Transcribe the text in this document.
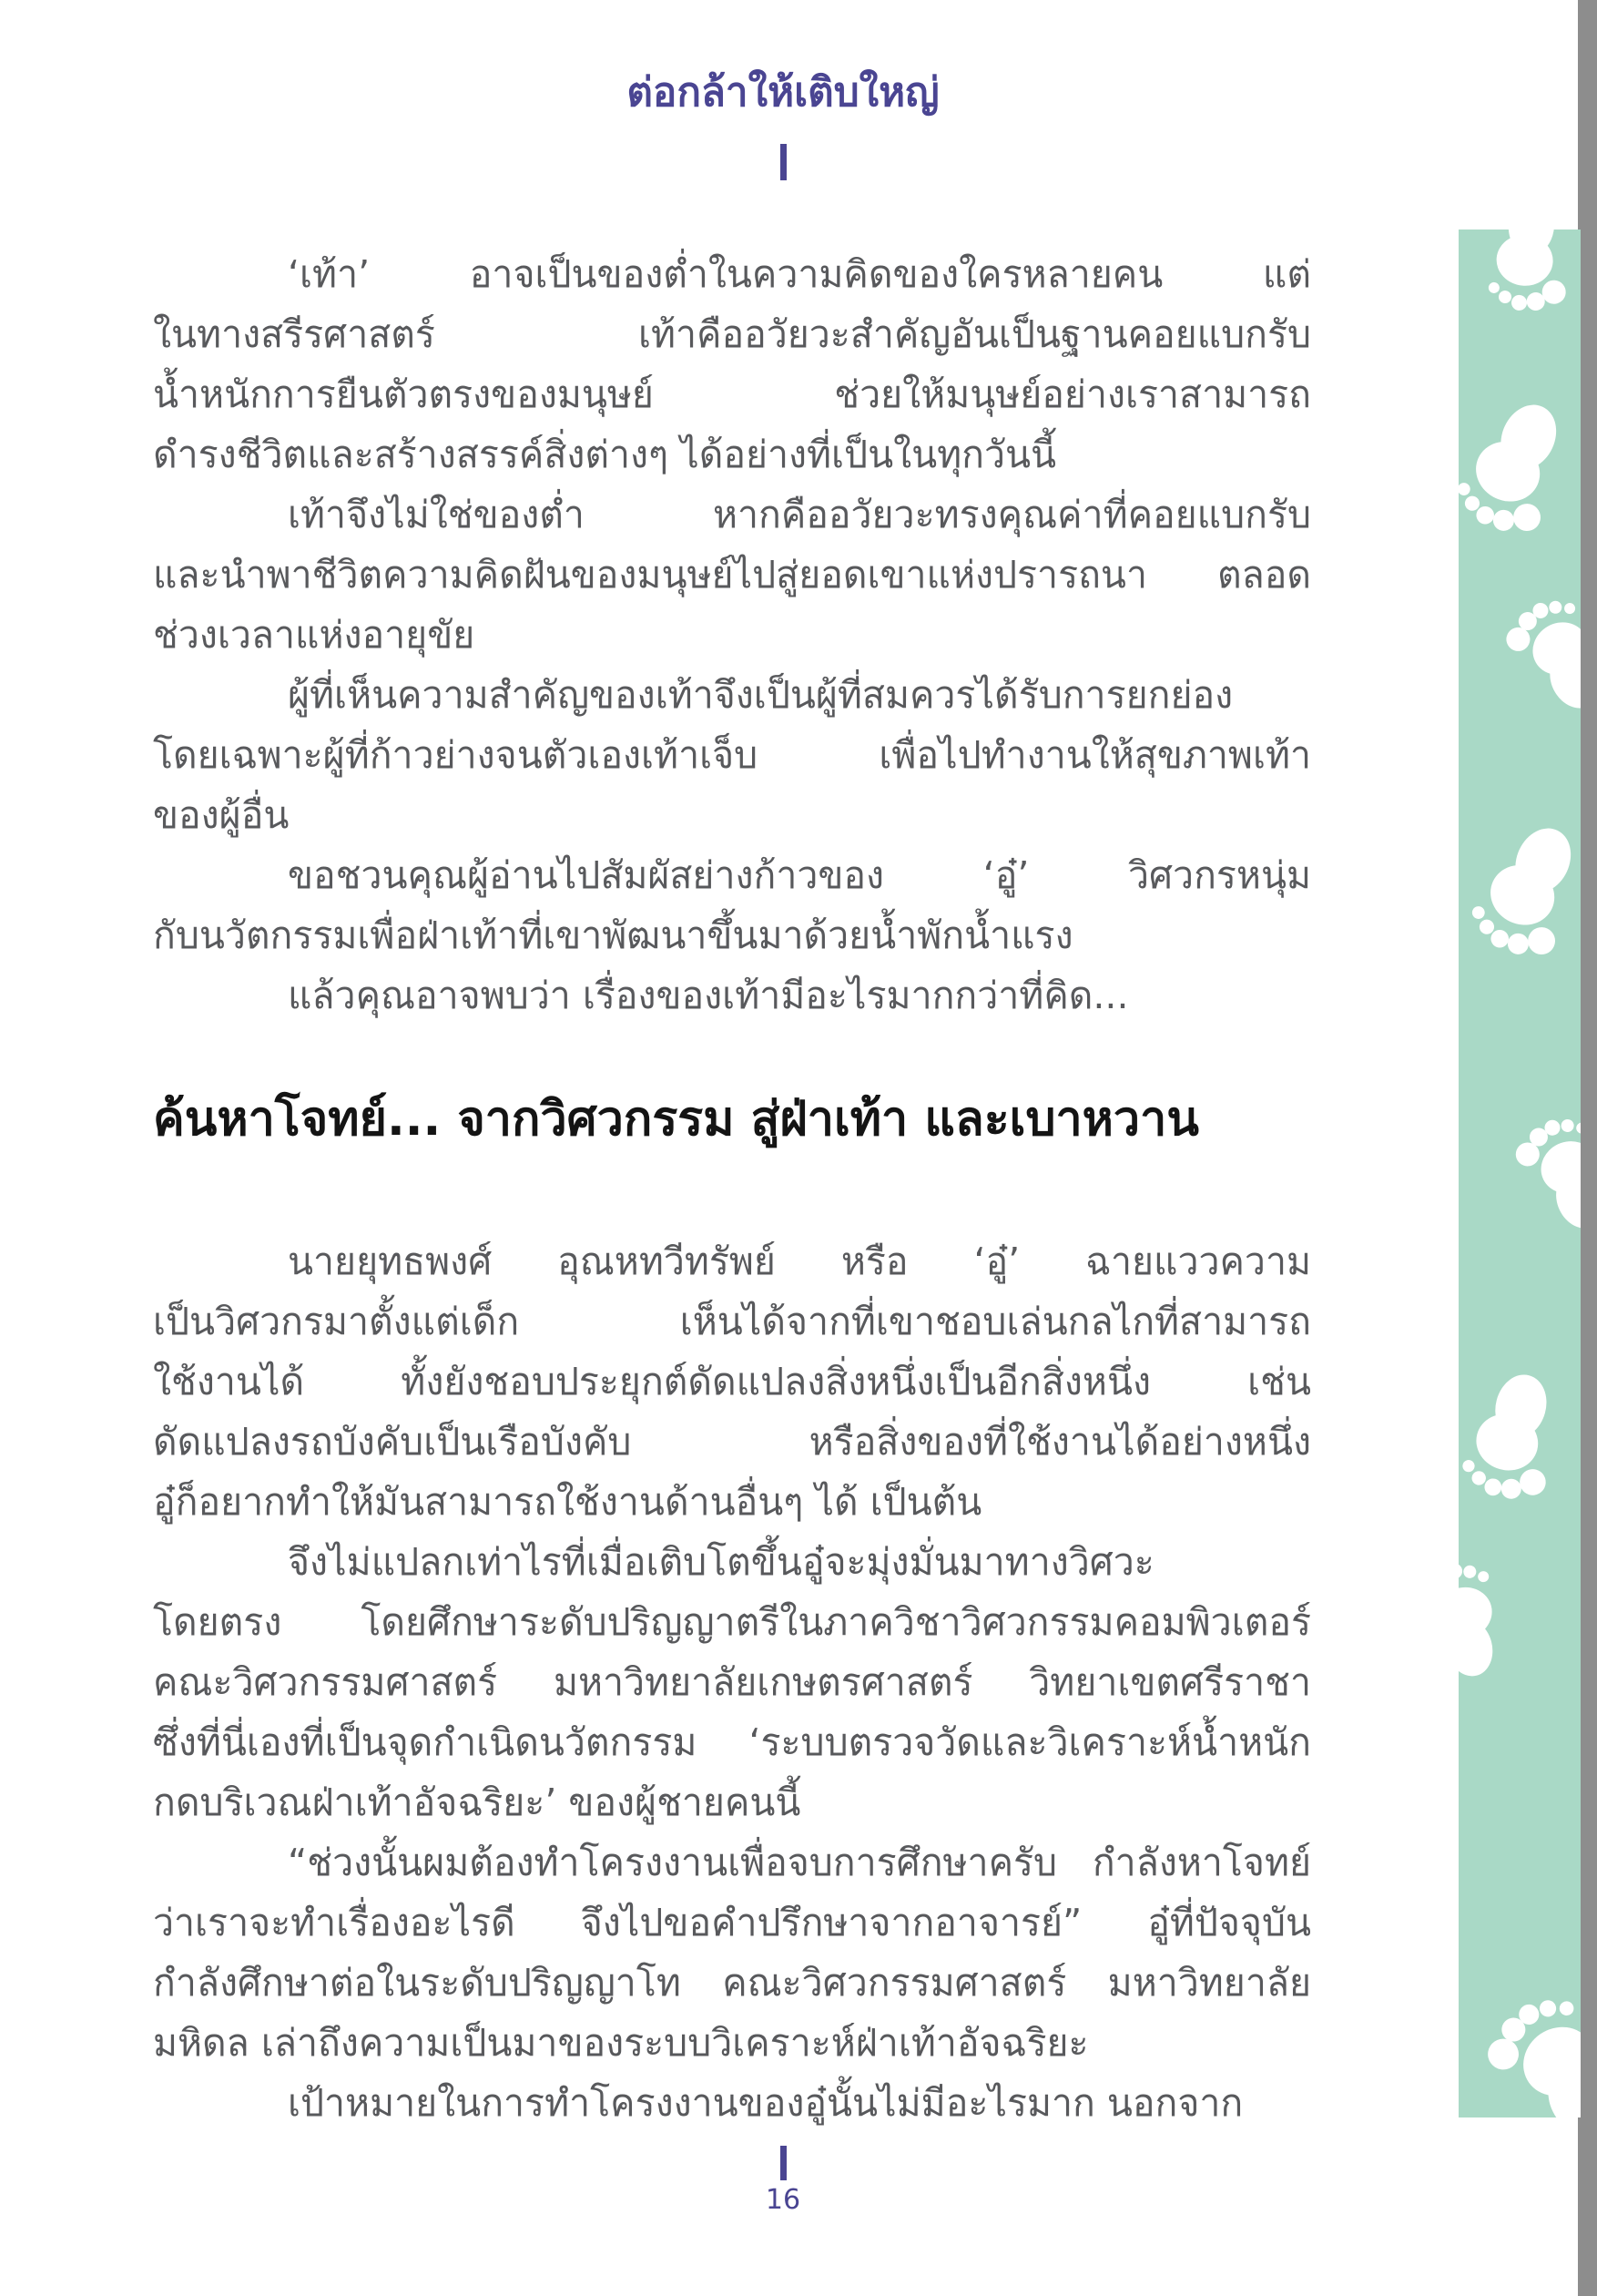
ต่อกล้าให้เติบใหญ่
‘เท้า’ อาจเป็นของต่ำในความคิดของใครหลายคน แต่
ในทางสรีรศาสตร์ เท้าคืออวัยวะสำคัญอันเป็นฐานคอยแบกรับ
น้ำหนักการยืนตัวตรงของมนุษย์ ช่วยให้มนุษย์อย่างเราสามารถ
ดำรงชีวิตและสร้างสรรค์สิ่งต่างๆ ได้อย่างที่เป็นในทุกวันนี้
เท้าจึงไม่ใช่ของต่ำ หากคืออวัยวะทรงคุณค่าที่คอยแบกรับ
และนำพาชีวิตความคิดฝันของมนุษย์ไปสู่ยอดเขาแห่งปรารถนา ตลอด
ช่วงเวลาแห่งอายุขัย
ผู้ที่เห็นความสำคัญของเท้าจึงเป็นผู้ที่สมควรได้รับการยกย่อง
โดยเฉพาะผู้ที่ก้าวย่างจนตัวเองเท้าเจ็บ เพื่อไปทำงานให้สุขภาพเท้า
ของผู้อื่น
ขอชวนคุณผู้อ่านไปสัมผัสย่างก้าวของ ‘อู๋’ วิศวกรหนุ่ม
กับนวัตกรรมเพื่อฝ่าเท้าที่เขาพัฒนาขึ้นมาด้วยน้ำพักน้ำแรง
แล้วคุณอาจพบว่า เรื่องของเท้ามีอะไรมากกว่าที่คิด...
ค้นหาโจทย์... จากวิศวกรรม สู่ฝ่าเท้า และเบาหวาน
นายยุทธพงศ์ อุณหทวีทรัพย์ หรือ ‘อู๋’ ฉายแววความ
เป็นวิศวกรมาตั้งแต่เด็ก เห็นได้จากที่เขาชอบเล่นกลไกที่สามารถ
ใช้งานได้ ทั้งยังชอบประยุกต์ดัดแปลงสิ่งหนึ่งเป็นอีกสิ่งหนึ่ง เช่น
ดัดแปลงรถบังคับเป็นเรือบังคับ หรือสิ่งของที่ใช้งานได้อย่างหนึ่ง
อู๋ก็อยากทำให้มันสามารถใช้งานด้านอื่นๆ ได้ เป็นต้น
จึงไม่แปลกเท่าไรที่เมื่อเติบโตขึ้นอู๋จะมุ่งมั่นมาทางวิศวะ
โดยตรง โดยศึกษาระดับปริญญาตรีในภาควิชาวิศวกรรมคอมพิวเตอร์
คณะวิศวกรรมศาสตร์ มหาวิทยาลัยเกษตรศาสตร์ วิทยาเขตศรีราชา
ซึ่งที่นี่เองที่เป็นจุดกำเนิดนวัตกรรม ‘ระบบตรวจวัดและวิเคราะห์น้ำหนัก
กดบริเวณฝ่าเท้าอัจฉริยะ’ ของผู้ชายคนนี้
“ช่วงนั้นผมต้องทำโครงงานเพื่อจบการศึกษาครับ กำลังหาโจทย์
ว่าเราจะทำเรื่องอะไรดี จึงไปขอคำปรึกษาจากอาจารย์” อู๋ที่ปัจจุบัน
กำลังศึกษาต่อในระดับปริญญาโท คณะวิศวกรรมศาสตร์ มหาวิทยาลัย
มหิดล เล่าถึงความเป็นมาของระบบวิเคราะห์ฝ่าเท้าอัจฉริยะ
เป้าหมายในการทำโครงงานของอู๋นั้นไม่มีอะไรมาก นอกจาก
16
